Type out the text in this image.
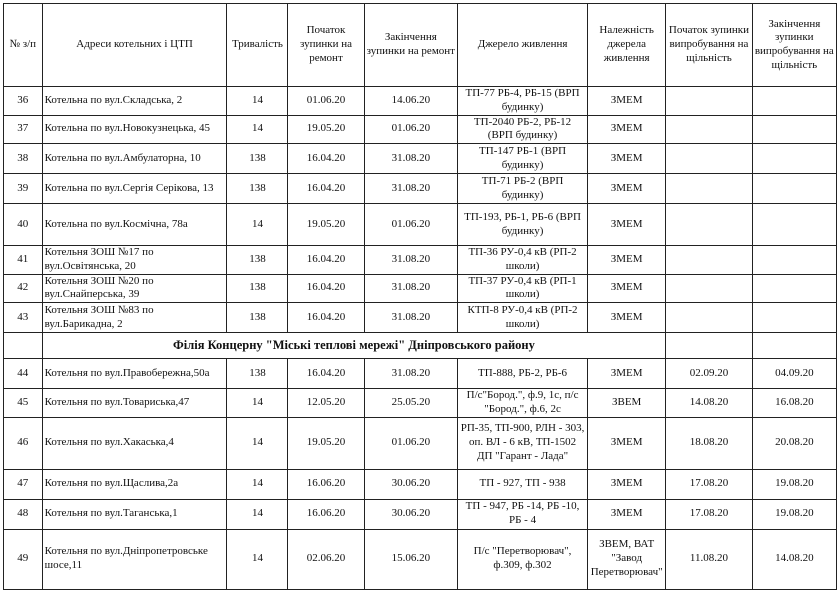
№ з/п	Адреси котельних і ЦТП	Тривалість	Початок зупинки на ремонт	Закінчення зупинки на ремонт	Джерело живлення	Належність джерела живлення	Початок зупинки випробування на щільність	Закінчення зупинки випробування на щільність
36	Котельна по вул.Складська, 2	14	01.06.20	14.06.20	ТП-77 РБ-4, РБ-15 (ВРП будинку)	ЗМЕМ		
37	Котельна по вул.Новокузнецька, 45	14	19.05.20	01.06.20	ТП-2040 РБ-2, РБ-12 (ВРП будинку)	ЗМЕМ		
38	Котельна по вул.Амбулаторна, 10	138	16.04.20	31.08.20	ТП-147 РБ-1 (ВРП будинку)	ЗМЕМ		
39	Котельна по вул.Сергія Серікова, 13	138	16.04.20	31.08.20	ТП-71 РБ-2 (ВРП будинку)	ЗМЕМ		
40	Котельна по вул.Космічна, 78а	14	19.05.20	01.06.20	ТП-193, РБ-1, РБ-6 (ВРП будинку)	ЗМЕМ		
41	Котельня ЗОШ №17 по вул.Освітянська, 20	138	16.04.20	31.08.20	ТП-36 РУ-0,4 кВ (РП-2 школи)	ЗМЕМ		
42	Котельня ЗОШ №20 по вул.Снайперська, 39	138	16.04.20	31.08.20	ТП-37 РУ-0,4 кВ (РП-1 школи)	ЗМЕМ		
43	Котельня ЗОШ №83 по вул.Барикадна, 2	138	16.04.20	31.08.20	КТП-8 РУ-0,4 кВ (РП-2 школи)	ЗМЕМ		
	Філія Концерну "Міські теплові мережі" Дніпровського району							
44	Котельня по вул.Правобережна,50а	138	16.04.20	31.08.20	ТП-888, РБ-2, РБ-6	ЗМЕМ	02.09.20	04.09.20
45	Котельня по вул.Товариська,47	14	12.05.20	25.05.20	П/с"Бород.", ф.9, 1с, п/с "Бород.", ф.6, 2с	ЗВЕМ	14.08.20	16.08.20
46	Котельня по вул.Хакаська,4	14	19.05.20	01.06.20	РП-35, ТП-900, РЛН - 303, оп. ВЛ - 6 кВ, ТП-1502 ДП "Гарант - Лада"	ЗМЕМ	18.08.20	20.08.20
47	Котельня по вул.Щаслива,2а	14	16.06.20	30.06.20	ТП - 927, ТП - 938	ЗМЕМ	17.08.20	19.08.20
48	Котельня по вул.Таганська,1	14	16.06.20	30.06.20	ТП - 947, РБ -14, РБ -10, РБ - 4	ЗМЕМ	17.08.20	19.08.20
49	Котельня по вул.Дніпропетровське шосе,11	14	02.06.20	15.06.20	П/с "Перетворювач", ф.309, ф.302	ЗВЕМ, ВАТ "Завод Перетворювач"	11.08.20	14.08.20
